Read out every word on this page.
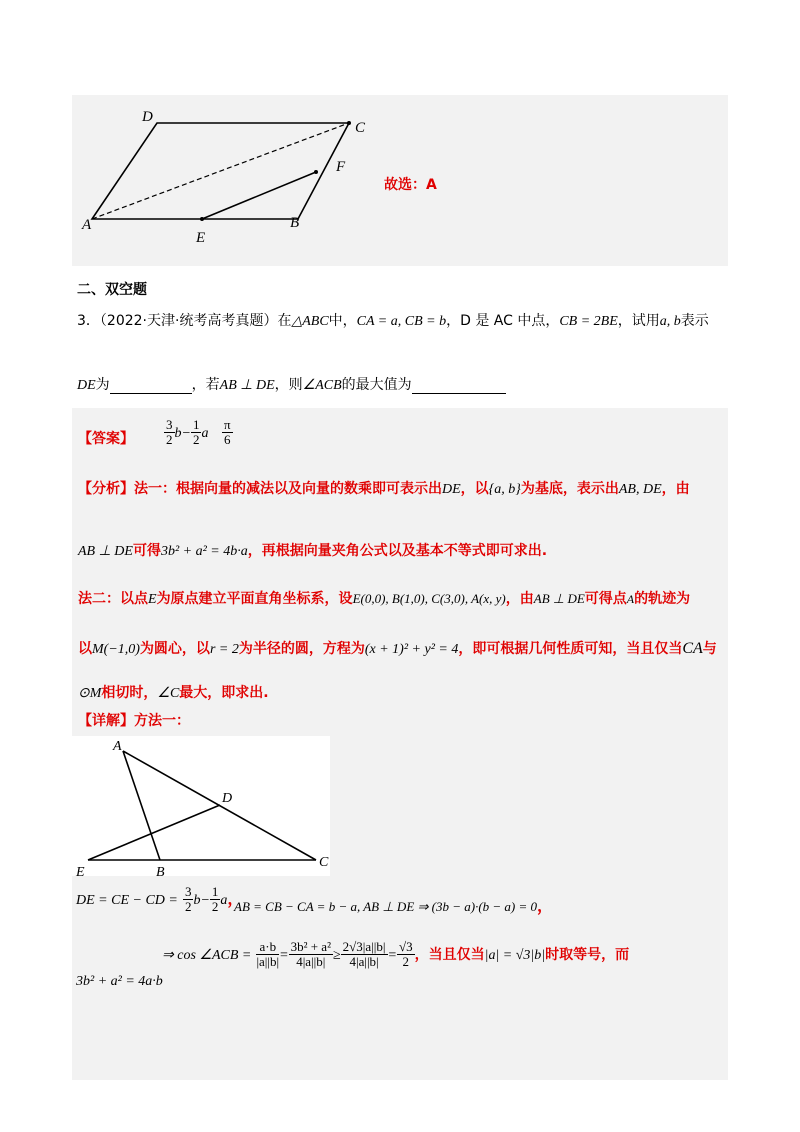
D
C
F
A	B
E
故选：A
二、双空题
3．（2022·天津·统考高考真题）在△ABC中，CA = a, CB = b，D 是 AC 中点，CB = 2BE，试用a, b表示
DE为	，若AB ⊥ DE，则∠ACB的最大值为
【答案】 $\frac{3}{2} b- \frac{1}{2}$ a $\frac{\pi}{6}$
【分析】法一：根据向量的减法以及向量的数乘即可表示出DE，以{a, b}为基底，表示出AB, DE，由
AB ⊥ DE可得3b² + a² = 4b·a，再根据向量夹角公式以及基本不等式即可求出.
法二：以点E为原点建立平面直角坐标系，设E(0,0), B(1,0), C(3,0), A(x, y)，由AB ⊥ DE可得点A的轨迹为
以M(−1,0)为圆心，以r = 2为半径的圆，方程为(x + 1)² + y² = 4，即可根据几何性质可知，当且仅当CA与
⊙M相切时，∠C最大，即求出.
【详解】方法一：
A
D
E	B
C
DE = CE − CD = $\frac{3}{2} b- \frac{1}{2}$ a，
AB = CB − CA = b − a, AB ⊥ DE ⇒ (3b − a)·(b − a) = 0，
⇒ cos ∠ACB = $\frac{a\cdot b}{|a||b|} = \frac{\text{3b² + a²}}{4|a||b|} \ge \frac{2√3|a||b|}{4|a||b|} = \frac{√3}{2}$ ，当且仅当|a| = √3|b|时取等号，而
3b² + a² = 4a·b
